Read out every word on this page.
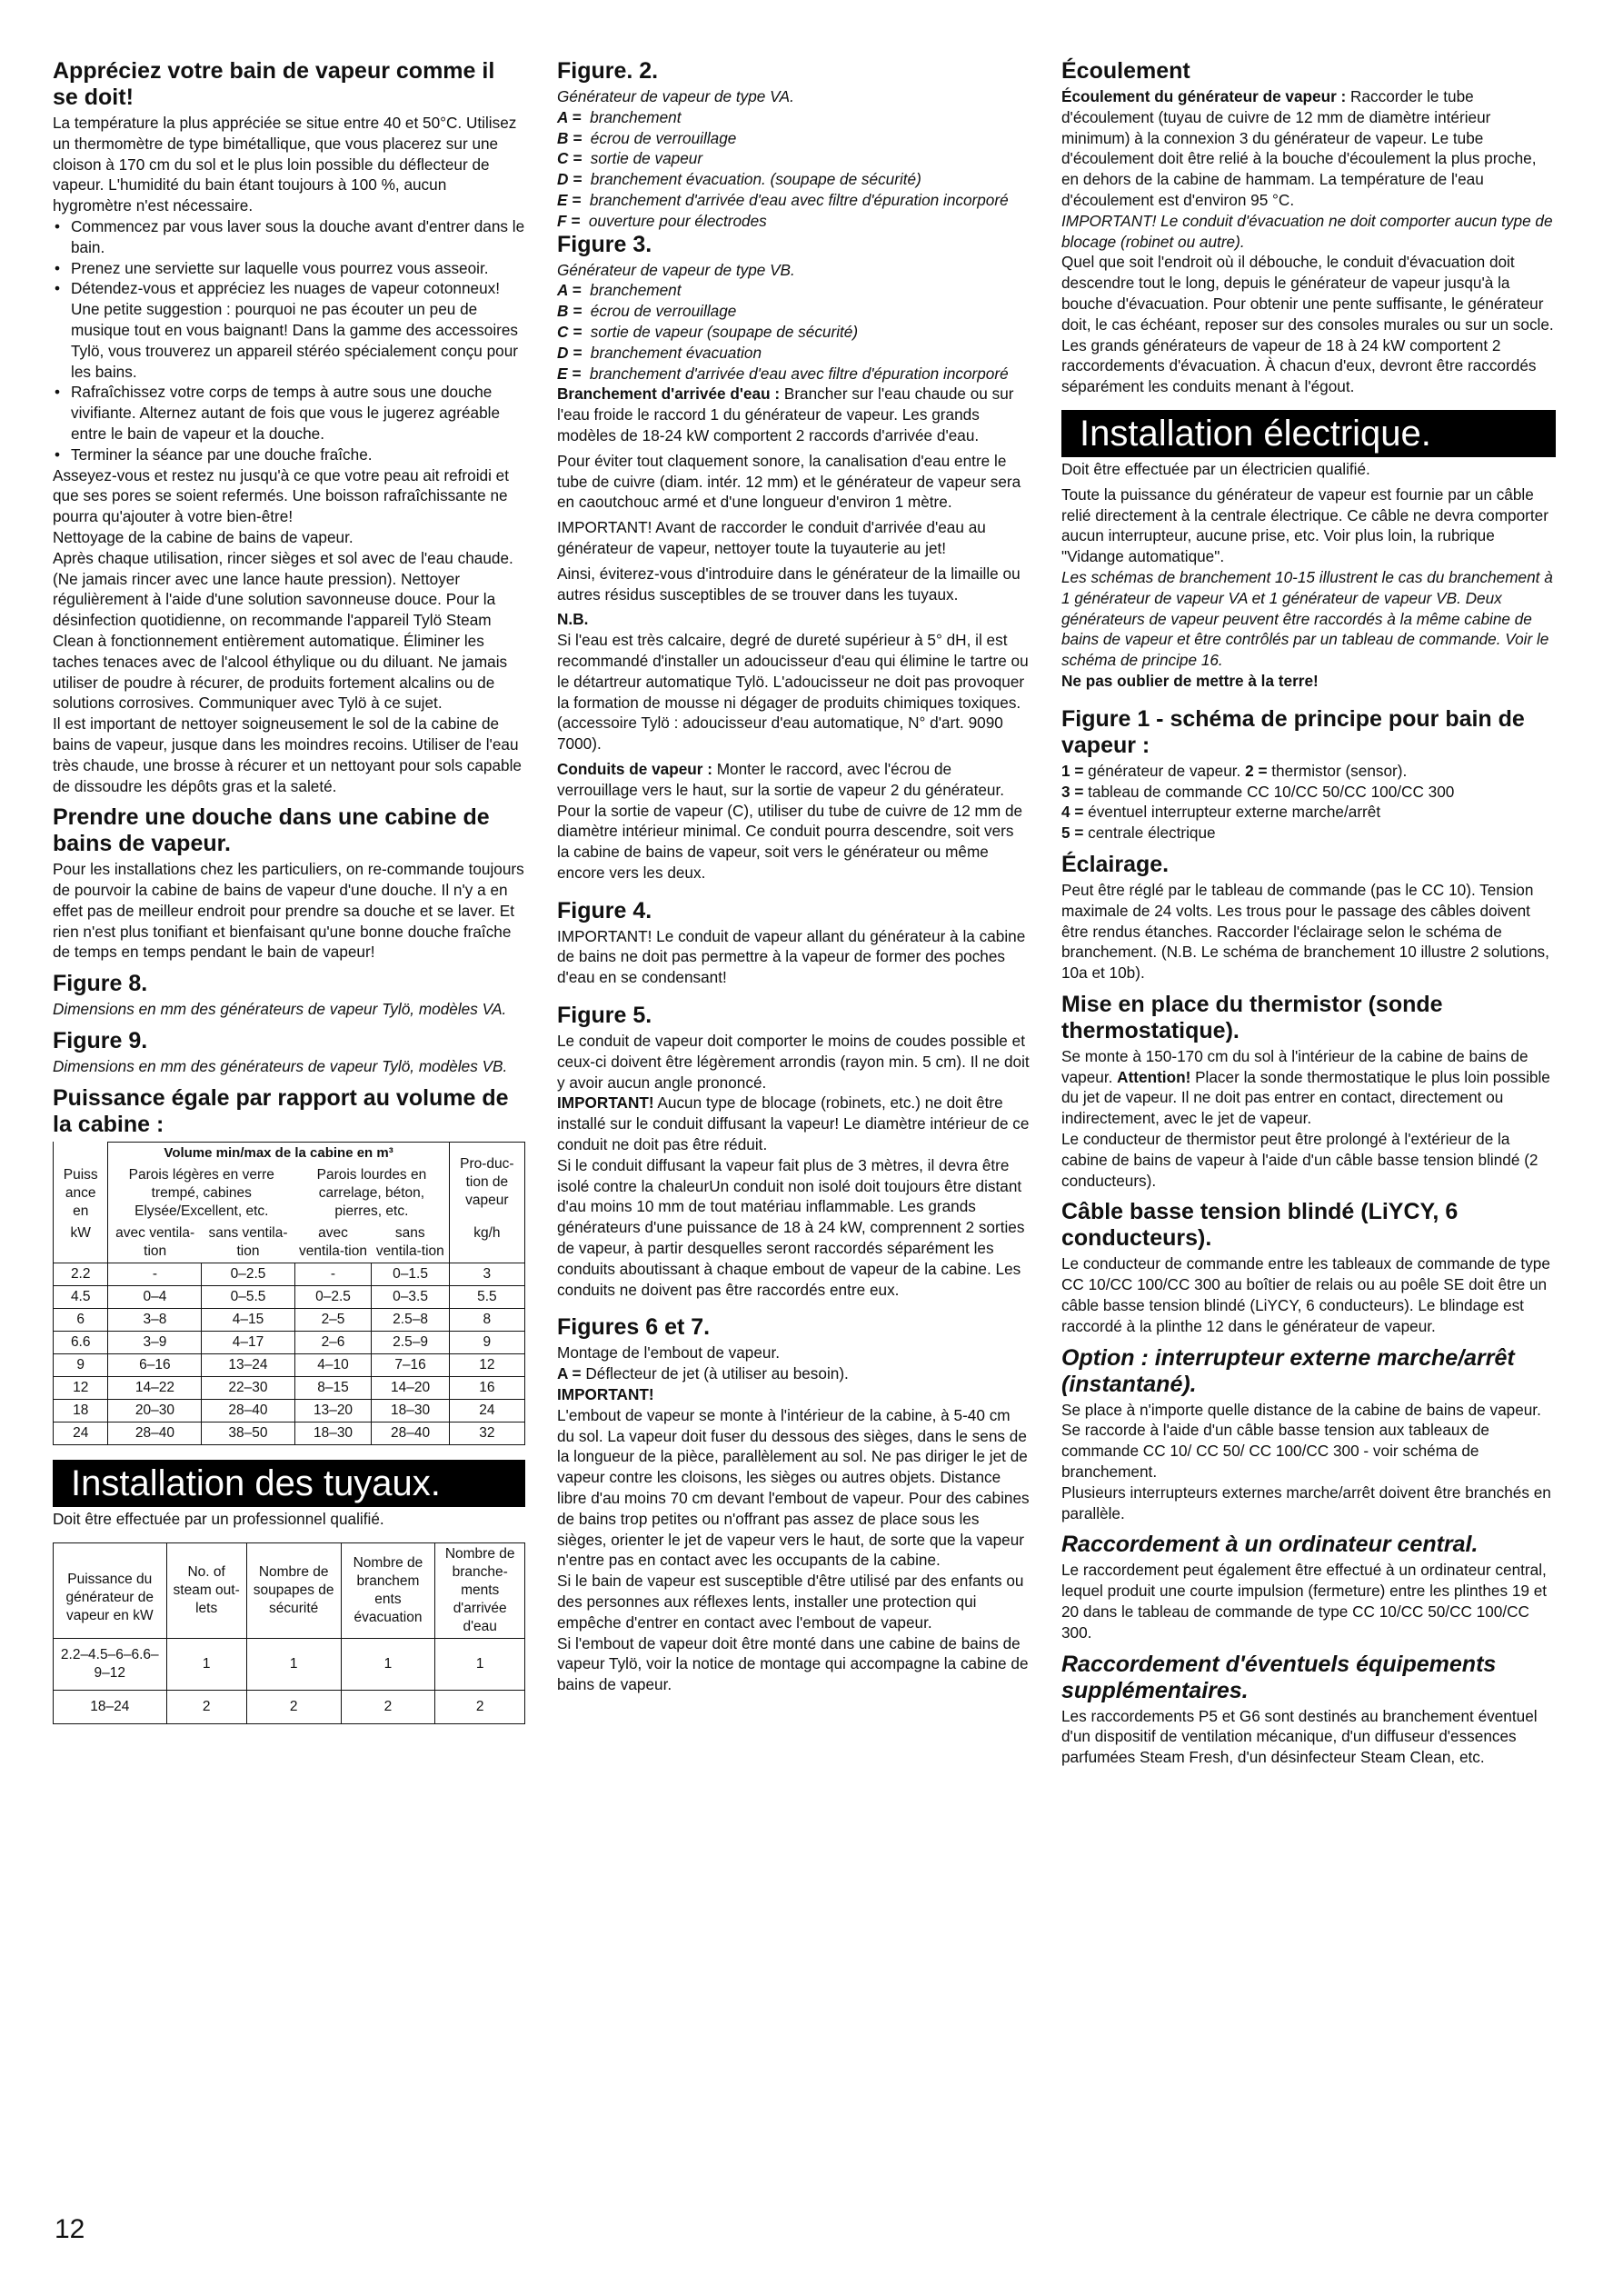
Appréciez votre bain de vapeur comme il se doit!

La température la plus appréciée se situe entre 40 et 50°C. Utilisez un thermomètre de type bimétallique, que vous placerez sur une cloison à 170 cm du sol et le plus loin possible du déflecteur de vapeur. L'humidité du bain étant toujours à 100 %, aucun hygromètre n'est nécessaire.

• Commencez par vous laver sous la douche avant d'entrer dans le bain.
• Prenez une serviette sur laquelle vous pourrez vous asseoir.
• Détendez-vous et appréciez les nuages de vapeur cotonneux! Une petite suggestion : pourquoi ne pas écouter un peu de musique tout en vous baignant! Dans la gamme des accessoires Tylö, vous trouverez un appareil stéréo spécialement conçu pour les bains.
• Rafraîchissez votre corps de temps à autre sous une douche vivifiante. Alternez autant de fois que vous le jugerez agréable entre le bain de vapeur et la douche.
• Terminer la séance par une douche fraîche.

Asseyez-vous et restez nu jusqu'à ce que votre peau ait refroidi et que ses pores se soient refermés. Une boisson rafraîchissante ne pourra qu'ajouter à votre bien-être!

Nettoyage de la cabine de bains de vapeur.

Après chaque utilisation, rincer sièges et sol avec de l'eau chaude. (Ne jamais rincer avec une lance haute pression). Nettoyer régulièrement à l'aide d'une solution savonneuse douce. Pour la désinfection quotidienne, on recommande l'appareil Tylö Steam Clean à fonctionnement entièrement automatique. Éliminer les taches tenaces avec de l'alcool éthylique ou du diluant. Ne jamais utiliser de poudre à récurer, de produits fortement alcalins ou de solutions corrosives. Communiquer avec Tylö à ce sujet.

Il est important de nettoyer soigneusement le sol de la cabine de bains de vapeur, jusque dans les moindres recoins. Utiliser de l'eau très chaude, une brosse à récurer et un nettoyant pour sols capable de dissoudre les dépôts gras et la saleté.

Prendre une douche dans une cabine de bains de vapeur.

Pour les installations chez les particuliers, on re-commande toujours de pourvoir la cabine de bains de vapeur d'une douche. Il n'y a en effet pas de meilleur endroit pour prendre sa douche et se laver. Et rien n'est plus tonifiant et bienfaisant qu'une bonne douche fraîche de temps en temps pendant le bain de vapeur!

Figure 8.

Dimensions en mm des générateurs de vapeur Tylö, modèles VA.

Figure 9.

Dimensions en mm des générateurs de vapeur Tylö, modèles VB.

Puissance égale par rapport au volume de la cabine :
	Volume min/max de la cabine en m³				Pro-duc-tion de vapeur
Puiss ance en	Parois légères en verre trempé, cabines Elysée/Excellent, etc.		Parois lourdes en carrelage, béton, pierres, etc.		
kW	avec ventila-tion	sans ventila-tion	avec ventila-tion	sans ventila-tion	kg/h
2.2	-	0–2.5	-	0–1.5	3
4.5	0–4	0–5.5	0–2.5	0–3.5	5.5
6	3–8	4–15	2–5	2.5–8	8
6.6	3–9	4–17	2–6	2.5–9	9
9	6–16	13–24	4–10	7–16	12
12	14–22	22–30	8–15	14–20	16
18	20–30	28–40	13–20	18–30	24
24	28–40	38–50	18–30	28–40	32
Installation des tuyaux.

Doit être effectuée par un professionnel qualifié.

Puissance du générateur de vapeur en kW	No. of steam out-lets	Nombre de soupapes de sécurité	Nombre de branchem ents évacuation	Nombre de branche-ments d'arrivée d'eau
2.2–4.5–6–6.6–9–12	1	1	1	1
18–24	2	2	2	2
Figure. 2.

Générateur de vapeur de type VA.

A = branchement

B = écrou de verrouillage

C = sortie de vapeur

D = branchement évacuation. (soupape de sécurité)

E = branchement d'arrivée d'eau avec filtre d'épuration incorporé

F = ouverture pour électrodes

Figure 3.

Générateur de vapeur de type VB.

A = branchement

B = écrou de verrouillage

C = sortie de vapeur (soupape de sécurité)

D = branchement évacuation

E = branchement d'arrivée d'eau avec filtre d'épuration incorporé

Branchement d'arrivée d'eau : Brancher sur l'eau chaude ou sur l'eau froide le raccord 1 du générateur de vapeur. Les grands modèles de 18-24 kW comportent 2 raccords d'arrivée d'eau.

Pour éviter tout claquement sonore, la canalisation d'eau entre le tube de cuivre (diam. intér. 12 mm) et le générateur de vapeur sera en caoutchouc armé et d'une longueur d'environ 1 mètre.

IMPORTANT! Avant de raccorder le conduit d'arrivée d'eau au générateur de vapeur, nettoyer toute la tuyauterie au jet!

Ainsi, éviterez-vous d'introduire dans le générateur de la limaille ou autres résidus susceptibles de se trouver dans les tuyaux.

N.B.

Si l'eau est très calcaire, degré de dureté supérieur à 5° dH, il est recommandé d'installer un adoucisseur d'eau qui élimine le tartre ou le détartreur automatique Tylö. L'adoucisseur ne doit pas provoquer la formation de mousse ni dégager de produits chimiques toxiques. (accessoire Tylö : adoucisseur d'eau automatique, N° d'art. 9090 7000).

Conduits de vapeur : Monter le raccord, avec l'écrou de verrouillage vers le haut, sur la sortie de vapeur 2 du générateur. Pour la sortie de vapeur (C), utiliser du tube de cuivre de 12 mm de diamètre intérieur minimal. Ce conduit pourra descendre, soit vers la cabine de bains de vapeur, soit vers le générateur ou même encore vers les deux.

Figure 4.

IMPORTANT! Le conduit de vapeur allant du générateur à la cabine de bains ne doit pas permettre à la vapeur de former des poches d'eau en se condensant!

Figure 5.

Le conduit de vapeur doit comporter le moins de coudes possible et ceux-ci doivent être légèrement arrondis (rayon min. 5 cm). Il ne doit y avoir aucun angle prononcé.

IMPORTANT! Aucun type de blocage (robinets, etc.) ne doit être installé sur le conduit diffusant la vapeur! Le diamètre intérieur de ce conduit ne doit pas être réduit.

Si le conduit diffusant la vapeur fait plus de 3 mètres, il devra être isolé contre la chaleurUn conduit non isolé doit toujours être distant d'au moins 10 mm de tout matériau inflammable. Les grands générateurs d'une puissance de 18 à 24 kW, comprennent 2 sorties de vapeur, à partir desquelles seront raccordés séparément les conduits aboutissant à chaque embout de vapeur de la cabine. Les conduits ne doivent pas être raccordés entre eux.

Figures 6 et 7.

Montage de l'embout de vapeur.

A = Déflecteur de jet (à utiliser au besoin).

IMPORTANT!

L'embout de vapeur se monte à l'intérieur de la cabine, à 5-40 cm du sol. La vapeur doit fuser du dessous des sièges, dans le sens de la longueur de la pièce, parallèlement au sol. Ne pas diriger le jet de vapeur contre les cloisons, les sièges ou autres objets. Distance libre d'au moins 70 cm devant l'embout de vapeur. Pour des cabines de bains trop petites ou n'offrant pas assez de place sous les sièges, orienter le jet de vapeur vers le haut, de sorte que la vapeur n'entre pas en contact avec les occupants de la cabine.

Si le bain de vapeur est susceptible d'être utilisé par des enfants ou des personnes aux réflexes lents, installer une protection qui empêche d'entrer en contact avec l'embout de vapeur.

Si l'embout de vapeur doit être monté dans une cabine de bains de vapeur Tylö, voir la notice de montage qui accompagne la cabine de bains de vapeur.

Écoulement

Écoulement du générateur de vapeur : Raccorder le tube d'écoulement (tuyau de cuivre de 12 mm de diamètre intérieur minimum) à la connexion 3 du générateur de vapeur. Le tube d'écoulement doit être relié à la bouche d'écoulement la plus proche, en dehors de la cabine de hammam. La température de l'eau d'écoulement est d'environ 95 °C.

IMPORTANT! Le conduit d'évacuation ne doit comporter aucun type de blocage (robinet ou autre).

Quel que soit l'endroit où il débouche, le conduit d'évacuation doit descendre tout le long, depuis le générateur de vapeur jusqu'à la bouche d'évacuation. Pour obtenir une pente suffisante, le générateur doit, le cas échéant, reposer sur des consoles murales ou sur un socle. Les grands générateurs de vapeur de 18 à 24 kW comportent 2 raccordements d'évacuation. À chacun d'eux, devront être raccordés séparément les conduits menant à l'égout.

Installation électrique.

Doit être effectuée par un électricien qualifié.

Toute la puissance du générateur de vapeur est fournie par un câble relié directement à la centrale électrique. Ce câble ne devra comporter aucun interrupteur, aucune prise, etc. Voir plus loin, la rubrique "Vidange automatique".

Les schémas de branchement 10-15 illustrent le cas du branchement à 1 générateur de vapeur VA et 1 générateur de vapeur VB. Deux générateurs de vapeur peuvent être raccordés à la même cabine de bains de vapeur et être contrôlés par un tableau de commande. Voir le schéma de principe 16.

Ne pas oublier de mettre à la terre!

Figure 1 - schéma de principe pour bain de vapeur :

1 = générateur de vapeur. 2 = thermistor (sensor).

3 = tableau de commande CC 10/CC 50/CC 100/CC 300

4 = éventuel interrupteur externe marche/arrêt

5 = centrale électrique

Éclairage.

Peut être réglé par le tableau de commande (pas le CC 10). Tension maximale de 24 volts. Les trous pour le passage des câbles doivent être rendus étanches. Raccorder l'éclairage selon le schéma de branchement. (N.B. Le schéma de branchement 10 illustre 2 solutions, 10a et 10b).

Mise en place du thermistor (sonde thermostatique).

Se monte à 150-170 cm du sol à l'intérieur de la cabine de bains de vapeur. Attention! Placer la sonde thermostatique le plus loin possible du jet de vapeur. Il ne doit pas entrer en contact, directement ou indirectement, avec le jet de vapeur.

Le conducteur de thermistor peut être prolongé à l'extérieur de la cabine de bains de vapeur à l'aide d'un câble basse tension blindé (2 conducteurs).

Câble basse tension blindé (LiYCY, 6 conducteurs).

Le conducteur de commande entre les tableaux de commande de type CC 10/CC 100/CC 300 au boîtier de relais ou au poêle SE doit être un câble basse tension blindé (LiYCY, 6 conducteurs). Le blindage est raccordé à la plinthe 12 dans le générateur de vapeur.

Option : interrupteur externe marche/arrêt (instantané).

Se place à n'importe quelle distance de la cabine de bains de vapeur. Se raccorde à l'aide d'un câble basse tension aux tableaux de commande CC 10/ CC 50/ CC 100/CC 300 - voir schéma de branchement.

Plusieurs interrupteurs externes marche/arrêt doivent être branchés en parallèle.

Raccordement à un ordinateur central.

Le raccordement peut également être effectué à un ordinateur central, lequel produit une courte impulsion (fermeture) entre les plinthes 19 et 20 dans le tableau de commande de type CC 10/CC 50/CC 100/CC 300.

Raccordement d'éventuels équipements supplémentaires.

Les raccordements P5 et G6 sont destinés au branchement éventuel d'un dispositif de ventilation mécanique, d'un diffuseur d'essences parfumées Steam Fresh, d'un désinfecteur Steam Clean, etc.

12
